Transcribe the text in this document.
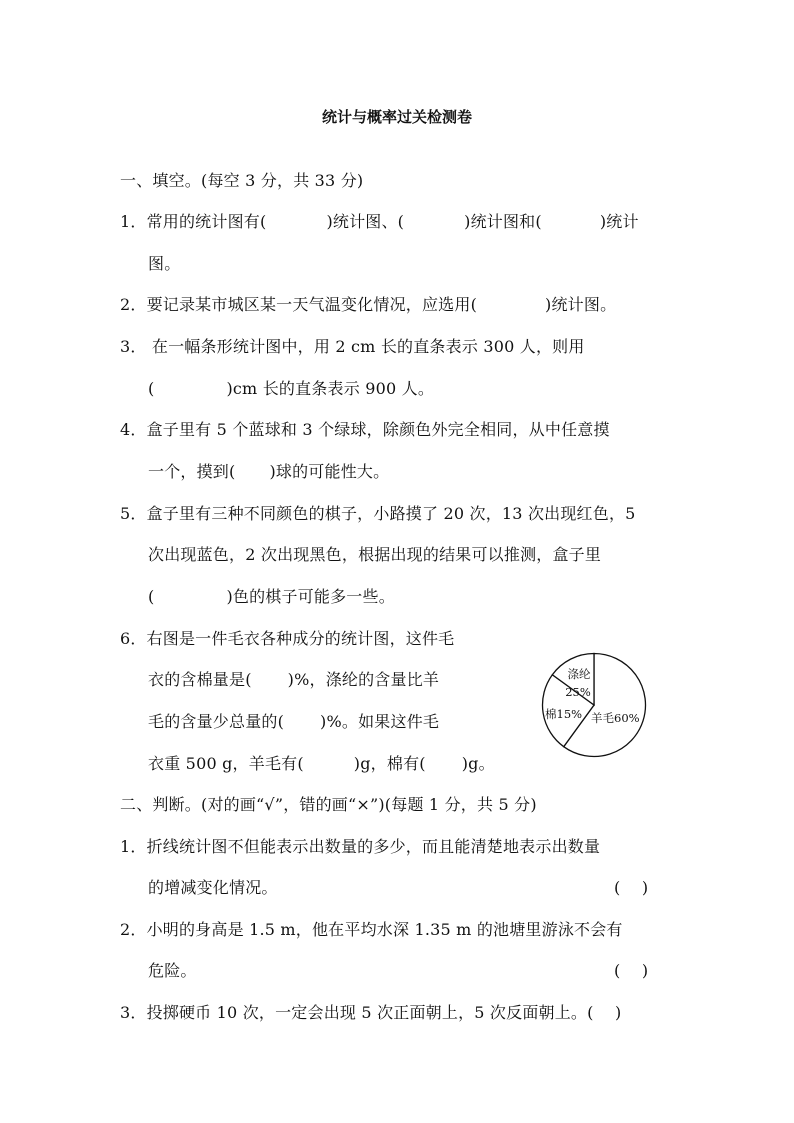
统计与概率过关检测卷
一、填空。(每空 3 分，共 33 分)
1．常用的统计图有(	)统计图、(	)统计图和(	)统计
图。
2．要记录某市城区某一天气温变化情况，应选用(	)统计图。
3． 在一幅条形统计图中，用 2 cm 长的直条表示 300 人，则用
(	)cm 长的直条表示 900 人。
4．盒子里有 5 个蓝球和 3 个绿球，除颜色外完全相同，从中任意摸
一个，摸到( )球的可能性大。
5．盒子里有三种不同颜色的棋子，小路摸了 20 次，13 次出现红色，5
次出现蓝色，2 次出现黑色，根据出现的结果可以推测，盒子里
(	)色的棋子可能多一些。
6．右图是一件毛衣各种成分的统计图，这件毛
衣的含棉量是( )%，涤纶的含量比羊
毛的含量少总量的( )%。如果这件毛
衣重 500 g，羊毛有(	)g，棉有( )g。
涤纶
25%
棉15% 羊毛60%
二、判断。(对的画“√”，错的画“×”)(每题 1 分，共 5 分)
1．折线统计图不但能表示出数量的多少，而且能清楚地表示出数量
的增减变化情况。	(　 )
2．小明的身高是 1.5 m，他在平均水深 1.35 m 的池塘里游泳不会有
危险。	(　 )
3．投掷硬币 10 次，一定会出现 5 次正面朝上，5 次反面朝上。(　 )
